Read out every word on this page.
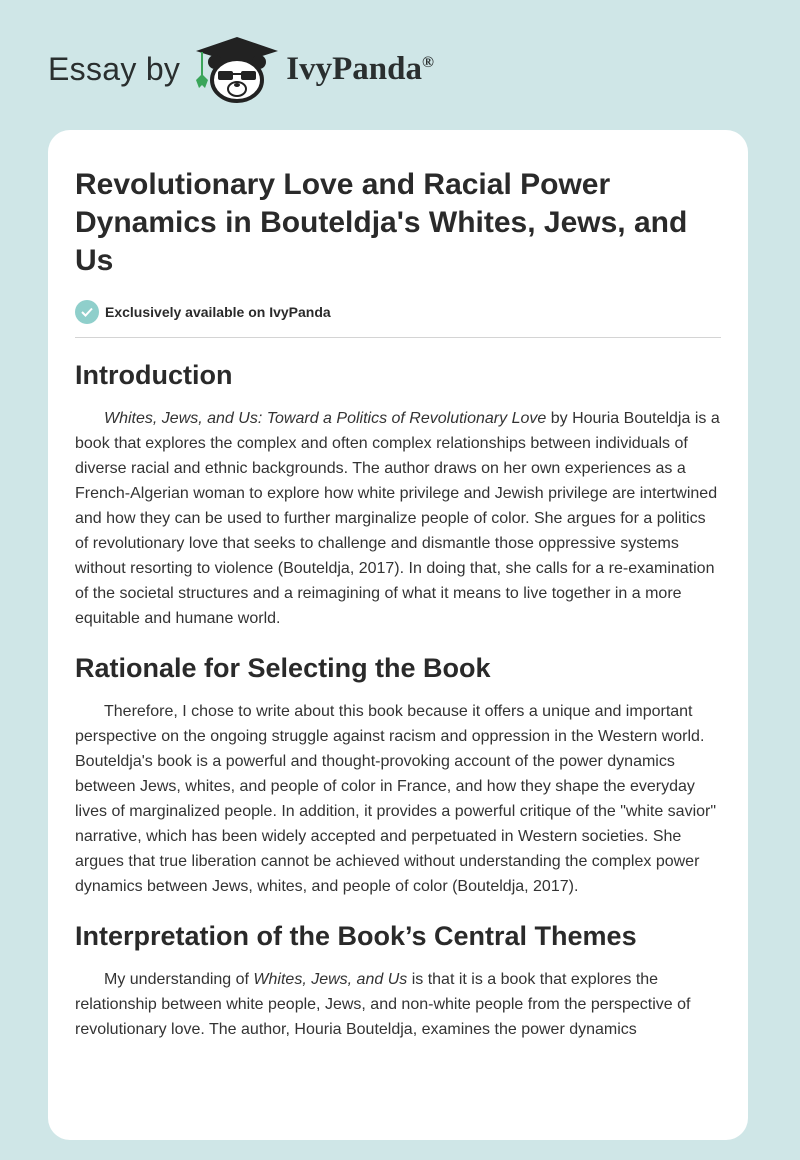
Essay by	IvyPanda®
Revolutionary Love and Racial Power Dynamics in Bouteldja's Whites, Jews, and Us
Exclusively available on IvyPanda
Introduction

Whites, Jews, and Us: Toward a Politics of Revolutionary Love by Houria Bouteldja is a book that explores the complex and often complex relationships between individuals of diverse racial and ethnic backgrounds. The author draws on her own experiences as a French-Algerian woman to explore how white privilege and Jewish privilege are intertwined and how they can be used to further marginalize people of color. She argues for a politics of revolutionary love that seeks to challenge and dismantle those oppressive systems without resorting to violence (Bouteldja, 2017). In doing that, she calls for a re-examination of the societal structures and a reimagining of what it means to live together in a more equitable and humane world.

Rationale for Selecting the Book

Therefore, I chose to write about this book because it offers a unique and important perspective on the ongoing struggle against racism and oppression in the Western world. Bouteldja's book is a powerful and thought-provoking account of the power dynamics between Jews, whites, and people of color in France, and how they shape the everyday lives of marginalized people. In addition, it provides a powerful critique of the "white savior" narrative, which has been widely accepted and perpetuated in Western societies. She argues that true liberation cannot be achieved without understanding the complex power dynamics between Jews, whites, and people of color (Bouteldja, 2017).

Interpretation of the Book’s Central Themes

My understanding of Whites, Jews, and Us is that it is a book that explores the relationship between white people, Jews, and non-white people from the perspective of revolutionary love. The author, Houria Bouteldja, examines the power dynamics
